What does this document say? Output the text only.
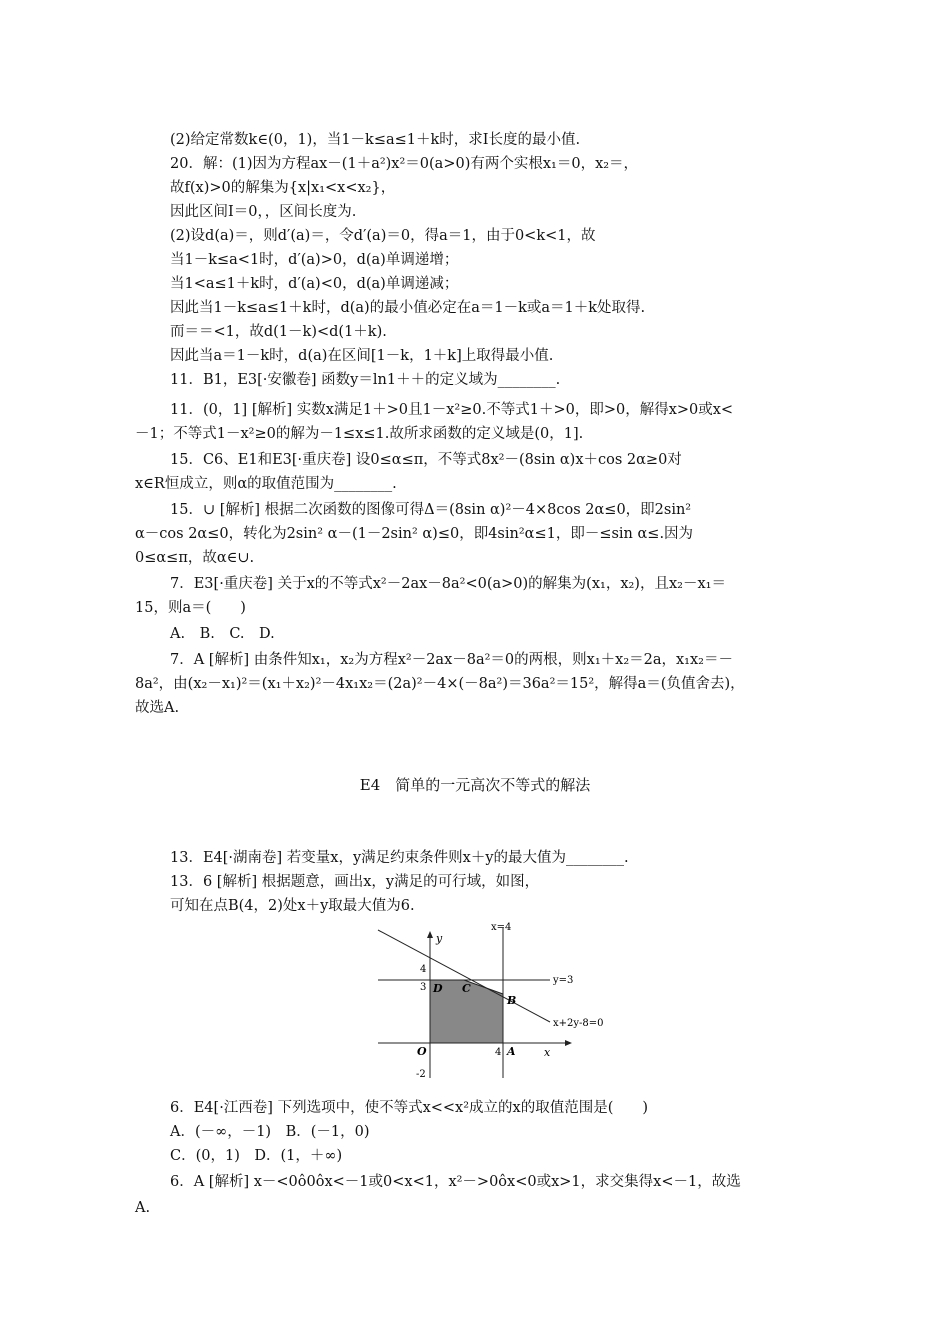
(2)给定常数k∈(0，1)，当1－k≤a≤1＋k时，求I长度的最小值.
20．解：(1)因为方程ax－(1＋a²)x²＝0(a>0)有两个实根x₁＝0，x₂＝，
故f(x)>0的解集为{x|x₁<x<x₂}，
因此区间I＝0，，区间长度为.
(2)设d(a)＝，则d′(a)＝，令d′(a)＝0，得a＝1，由于0<k<1，故
当1－k≤a<1时，d′(a)>0，d(a)单调递增；
当1<a≤1＋k时，d′(a)<0，d(a)单调递减；
因此当1－k≤a≤1＋k时，d(a)的最小值必定在a＝1－k或a＝1＋k处取得.
而＝＝<1，故d(1－k)<d(1＋k).
因此当a＝1－k时，d(a)在区间[1－k，1＋k]上取得最小值.
11．B1，E3[·安徽卷] 函数y＝ln1＋＋的定义域为________.
11．(0，1] [解析] 实数x满足1＋>0且1－x²≥0.不等式1＋>0，即>0，解得x>0或x<
－1；不等式1－x²≥0的解为－1≤x≤1.故所求函数的定义域是(0，1].
15．C6、E1和E3[·重庆卷] 设0≤α≤π，不等式8x²－(8sin α)x＋cos 2α≥0对
x∈R恒成立，则α的取值范围为________.
15．∪ [解析] 根据二次函数的图像可得Δ＝(8sin α)²－4×8cos 2α≤0，即2sin²
α－cos 2α≤0，转化为2sin² α－(1－2sin² α)≤0，即4sin²α≤1，即－≤sin α≤.因为
0≤α≤π，故α∈∪.
7．E3[·重庆卷] 关于x的不等式x²－2ax－8a²<0(a>0)的解集为(x₁，x₂)，且x₂－x₁＝
15，则a＝(　　)
A.　B.　C.　D.
7．A [解析] 由条件知x₁，x₂为方程x²－2ax－8a²＝0的两根，则x₁＋x₂＝2a，x₁x₂＝－
8a²，由(x₂－x₁)²＝(x₁＋x₂)²－4x₁x₂＝(2a)²－4×(－8a²)＝36a²＝15²，解得a＝(负值舍去)，
故选A.
E4　简单的一元高次不等式的解法
13．E4[·湖南卷] 若变量x，y满足约束条件则x＋y的最大值为________.
13．6 [解析] 根据题意，画出x，y满足的可行域，如图，
可知在点B(4，2)处x＋y取最大值为6.
x=4
y
x
y=3
x+2y-8=0
4
3
4
-2
O	A
B
C
D
6．E4[·江西卷] 下列选项中，使不等式x<<x²成立的x的取值范围是(　　)
A．(－∞，－1)　B．(－1，0)
C．(0，1)　D．(1，＋∞)
6．A [解析] x－<0ô0ôx<－1或0<x<1，x²－>0ôx<0或x>1，求交集得x<－1，故选
A.
